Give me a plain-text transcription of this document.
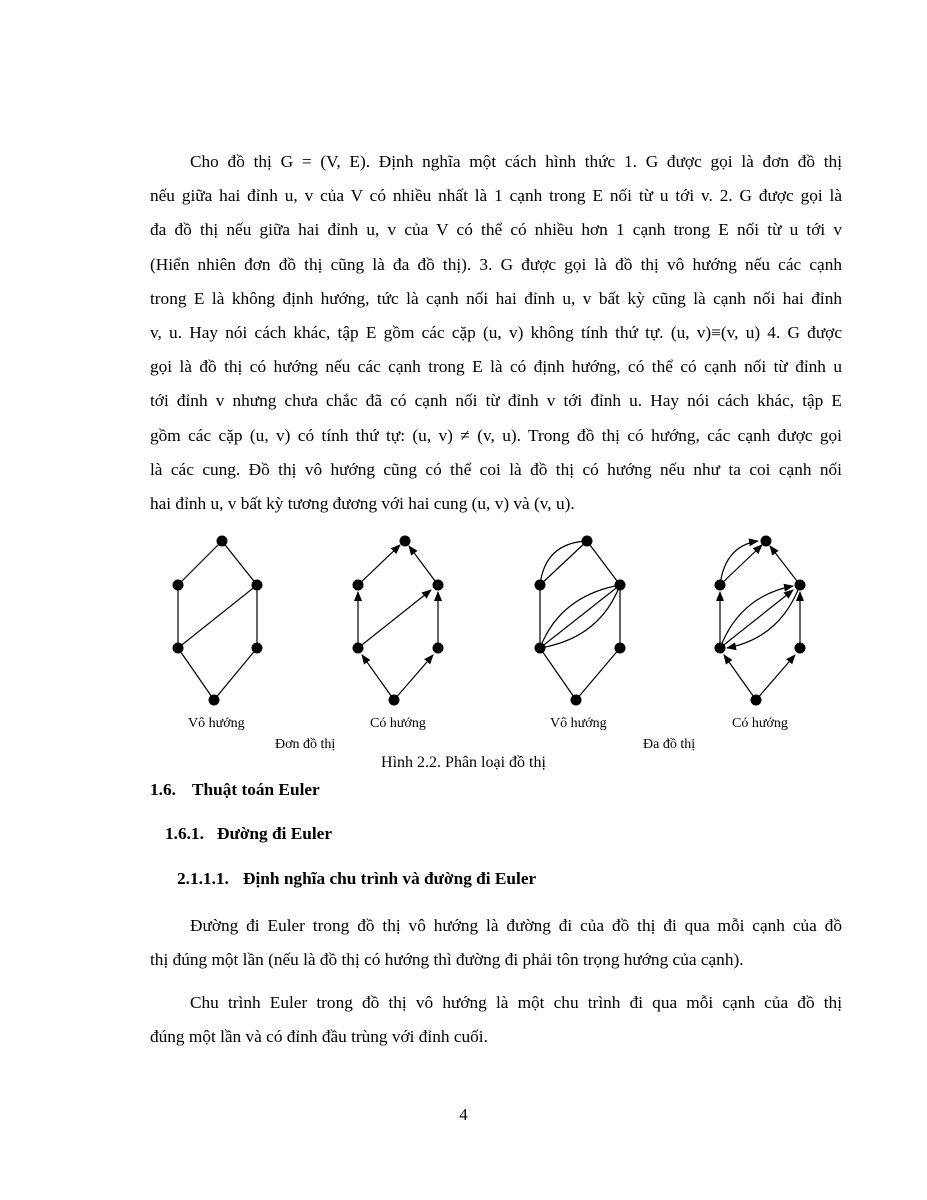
Cho đồ thị G = (V, E). Định nghĩa một cách hình thức 1. G được gọi là đơn đồ thị
nếu giữa hai đỉnh u, v của V có nhiều nhất là 1 cạnh trong E nối từ u tới v. 2. G được gọi là
đa đồ thị nếu giữa hai đỉnh u, v của V có thể có nhiều hơn 1 cạnh trong E nối từ u tới v
(Hiển nhiên đơn đồ thị cũng là đa đồ thị). 3. G được gọi là đồ thị vô hướng nếu các cạnh
trong E là không định hướng, tức là cạnh nối hai đỉnh u, v bất kỳ cũng là cạnh nối hai đỉnh
v, u. Hay nói cách khác, tập E gồm các cặp (u, v) không tính thứ tự. (u, v)≡(v, u) 4. G được
gọi là đồ thị có hướng nếu các cạnh trong E là có định hướng, có thể có cạnh nối từ đỉnh u
tới đỉnh v nhưng chưa chắc đã có cạnh nối từ đỉnh v tới đỉnh u. Hay nói cách khác, tập E
gồm các cặp (u, v) có tính thứ tự: (u, v) ≠ (v, u). Trong đồ thị có hướng, các cạnh được gọi
là các cung. Đồ thị vô hướng cũng có thể coi là đồ thị có hướng nếu như ta coi cạnh nối
hai đỉnh u, v bất kỳ tương đương với hai cung (u, v) và (v, u).

Vô hướng	Có hướng	Vô hướng	Có hướng
Đơn đồ thị	Đa đồ thị
Hình 2.2. Phân loại đồ thị
1.6. Thuật toán Euler
1.6.1. Đường đi Euler
2.1.1.1. Định nghĩa chu trình và đường đi Euler

Đường đi Euler trong đồ thị vô hướng là đường đi của đồ thị đi qua mỗi cạnh của đồ
thị đúng một lần (nếu là đồ thị có hướng thì đường đi phải tôn trọng hướng của cạnh).

Chu trình Euler trong đồ thị vô hướng là một chu trình đi qua mỗi cạnh của đồ thị
đúng một lần và có đỉnh đầu trùng với đỉnh cuối.

4
